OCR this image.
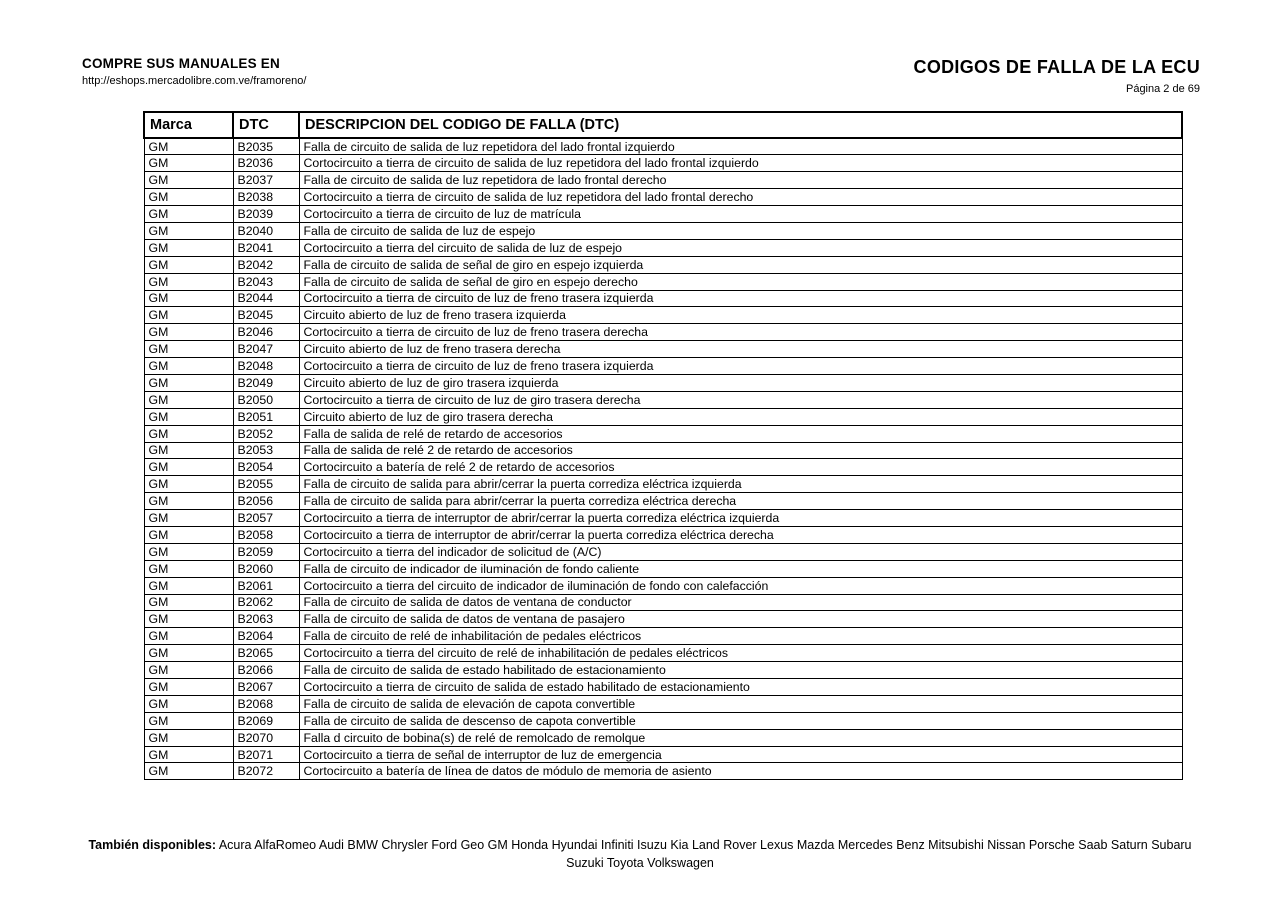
COMPRE SUS MANUALES EN
http://eshops.mercadolibre.com.ve/framoreno/
CODIGOS DE FALLA DE LA ECU
Página 2 de 69
Marca	DTC	DESCRIPCION DEL CODIGO DE FALLA (DTC)
GM	B2035	Falla de circuito de salida de luz repetidora del lado frontal izquierdo
GM	B2036	Cortocircuito a tierra de circuito de salida de luz repetidora del lado frontal izquierdo
GM	B2037	Falla de circuito de salida de luz repetidora de lado frontal derecho
GM	B2038	Cortocircuito a tierra de circuito de salida de luz repetidora del lado frontal derecho
GM	B2039	Cortocircuito a tierra de circuito de luz de matrícula
GM	B2040	Falla de circuito de salida de luz de espejo
GM	B2041	Cortocircuito a tierra del circuito de salida de luz de espejo
GM	B2042	Falla de circuito de salida de señal de giro en espejo izquierda
GM	B2043	Falla de circuito de salida de señal de giro en espejo derecho
GM	B2044	Cortocircuito a tierra de circuito de luz de freno trasera izquierda
GM	B2045	Circuito abierto de luz de freno trasera izquierda
GM	B2046	Cortocircuito a tierra de circuito de luz de freno trasera derecha
GM	B2047	Circuito abierto de luz de freno trasera derecha
GM	B2048	Cortocircuito a tierra de circuito de luz de freno trasera izquierda
GM	B2049	Circuito abierto de luz de giro trasera izquierda
GM	B2050	Cortocircuito a tierra de circuito de luz de giro trasera derecha
GM	B2051	Circuito abierto de luz de giro trasera derecha
GM	B2052	Falla de salida de relé de retardo de accesorios
GM	B2053	Falla de salida de relé 2 de retardo de accesorios
GM	B2054	Cortocircuito a batería de relé 2 de retardo de accesorios
GM	B2055	Falla de circuito de salida para abrir/cerrar la puerta corrediza eléctrica izquierda
GM	B2056	Falla de circuito de salida para abrir/cerrar la puerta corrediza eléctrica derecha
GM	B2057	Cortocircuito a tierra de interruptor de abrir/cerrar la puerta corrediza eléctrica izquierda
GM	B2058	Cortocircuito a tierra de interruptor de abrir/cerrar la puerta corrediza eléctrica derecha
GM	B2059	Cortocircuito a tierra del indicador de solicitud de (A/C)
GM	B2060	Falla de circuito de indicador de iluminación de fondo caliente
GM	B2061	Cortocircuito a tierra del circuito de indicador de iluminación de fondo con calefacción
GM	B2062	Falla de circuito de salida de datos de ventana de conductor
GM	B2063	Falla de circuito de salida de datos de ventana de pasajero
GM	B2064	Falla de circuito de relé de inhabilitación de pedales eléctricos
GM	B2065	Cortocircuito a tierra del circuito de relé de inhabilitación de pedales eléctricos
GM	B2066	Falla de circuito de salida de estado habilitado de estacionamiento
GM	B2067	Cortocircuito a tierra de circuito de salida de estado habilitado de estacionamiento
GM	B2068	Falla de circuito de salida de elevación de capota convertible
GM	B2069	Falla de circuito de salida de descenso de capota convertible
GM	B2070	Falla d circuito de bobina(s) de relé de remolcado de remolque
GM	B2071	Cortocircuito a tierra de señal de interruptor de luz de emergencia
GM	B2072	Cortocircuito a batería de línea de datos de módulo de memoria de asiento
También disponibles: Acura AlfaRomeo Audi BMW Chrysler Ford Geo GM Honda Hyundai Infiniti Isuzu Kia Land Rover Lexus Mazda Mercedes Benz Mitsubishi Nissan Porsche Saab Saturn Subaru Suzuki Toyota Volkswagen
